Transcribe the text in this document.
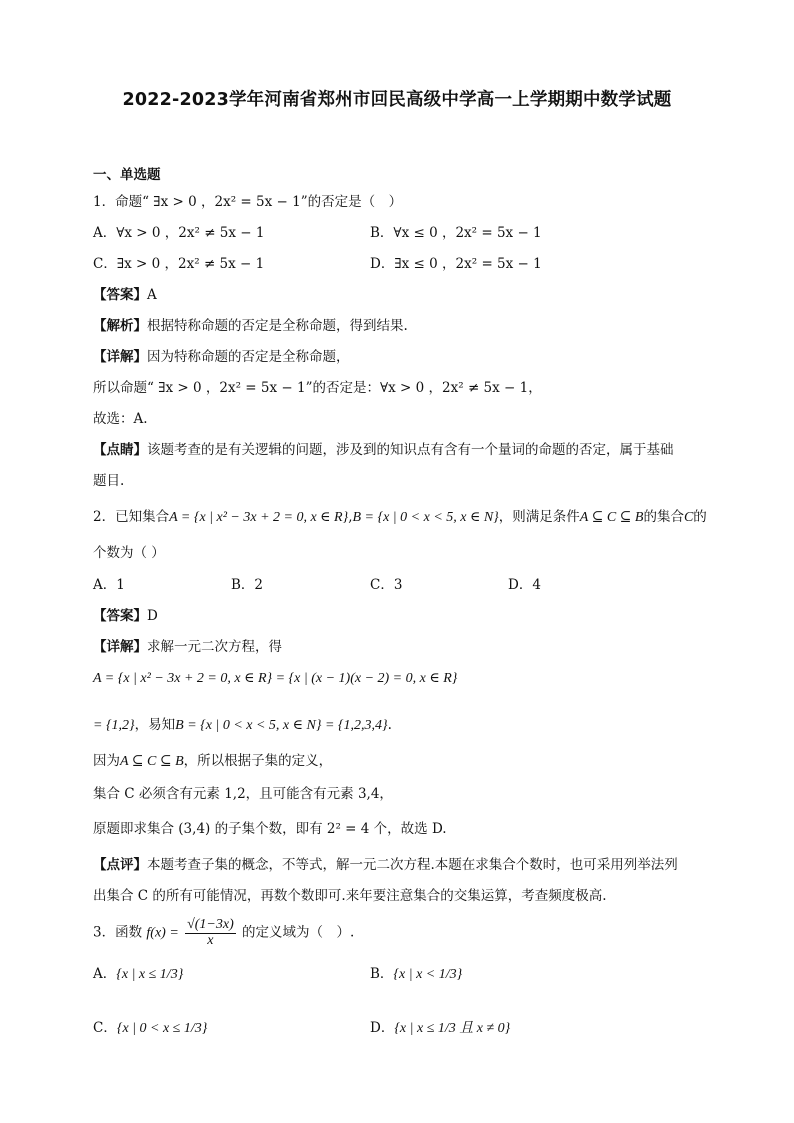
2022-2023学年河南省郑州市回民高级中学高一上学期期中数学试题
一、单选题
1．命题“ ∃x > 0 ，2x² = 5x − 1”的否定是（　）
A．∀x > 0 ，2x² ≠ 5x − 1	B．∀x ≤ 0 ，2x² = 5x − 1
C．∃x > 0 ，2x² ≠ 5x − 1	D．∃x ≤ 0 ，2x² = 5x − 1
【答案】A
【解析】根据特称命题的否定是全称命题，得到结果.
【详解】因为特称命题的否定是全称命题，
所以命题“ ∃x > 0 ，2x² = 5x − 1”的否定是：∀x > 0 ，2x² ≠ 5x − 1，
故选：A.
【点睛】该题考查的是有关逻辑的问题，涉及到的知识点有含有一个量词的命题的否定，属于基础
题目.
2．已知集合A = {x | x² − 3x + 2 = 0, x ∈ R},B = {x | 0 < x < 5, x ∈ N}，则满足条件A ⊆ C ⊆ B的集合C的
个数为（ ）
A．1	B．2	C．3	D．4
【答案】D
【详解】求解一元二次方程，得
A = {x | x² − 3x + 2 = 0, x ∈ R} = {x | (x − 1)(x − 2) = 0, x ∈ R}
= {1,2}，易知B = {x | 0 < x < 5, x ∈ N} = {1,2,3,4}.
因为A ⊆ C ⊆ B，所以根据子集的定义，
集合 C 必须含有元素 1,2，且可能含有元素 3,4，
原题即求集合 (3,4) 的子集个数，即有 2² = 4 个，故选 D.
【点评】本题考查子集的概念，不等式，解一元二次方程.本题在求集合个数时，也可采用列举法列
出集合 C 的所有可能情况，再数个数即可.来年要注意集合的交集运算，考查频度极高.
3．函数 $f(x) = \frac{√(1-3x)}{x}$ 的定义域为（　）.
A．{x | x ≤ 1/3}	B．{x | x < 1/3}
C．{x | 0 < x ≤ 1/3}	D．{x | x ≤ 1/3 且 x ≠ 0}
